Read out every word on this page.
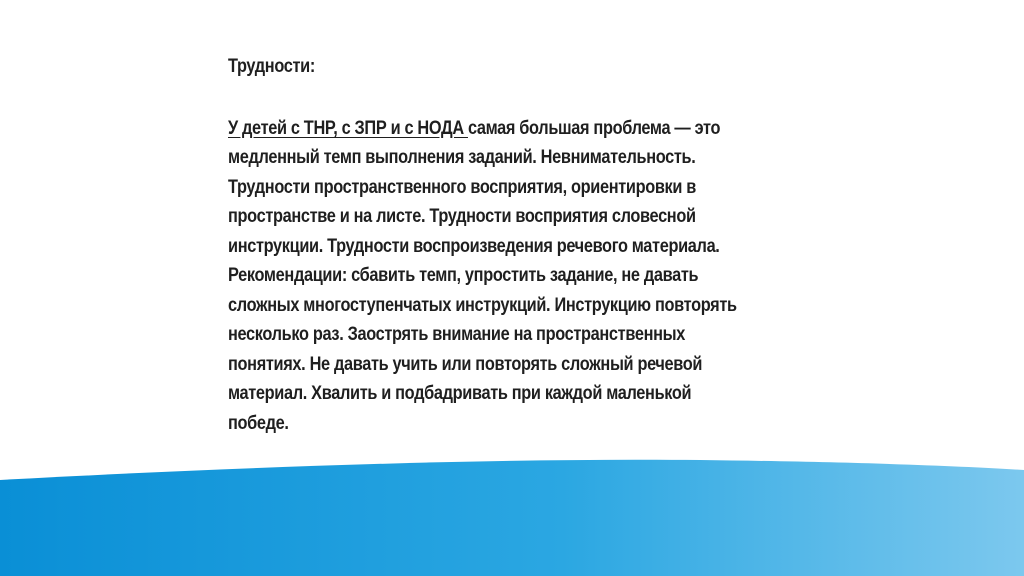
Трудности:

У детей с ТНР, с ЗПР и с НОДА самая большая проблема — это
медленный темп выполнения заданий. Невнимательность.
Трудности пространственного восприятия, ориентировки в
пространстве и на листе. Трудности восприятия словесной
инструкции. Трудности воспроизведения речевого материала.
Рекомендации: сбавить темп, упростить задание, не давать
сложных многоступенчатых инструкций. Инструкцию повторять
несколько раз. Заострять внимание на пространственных
понятиях. Не давать учить или повторять сложный речевой
материал. Хвалить и подбадривать при каждой маленькой
победе.
